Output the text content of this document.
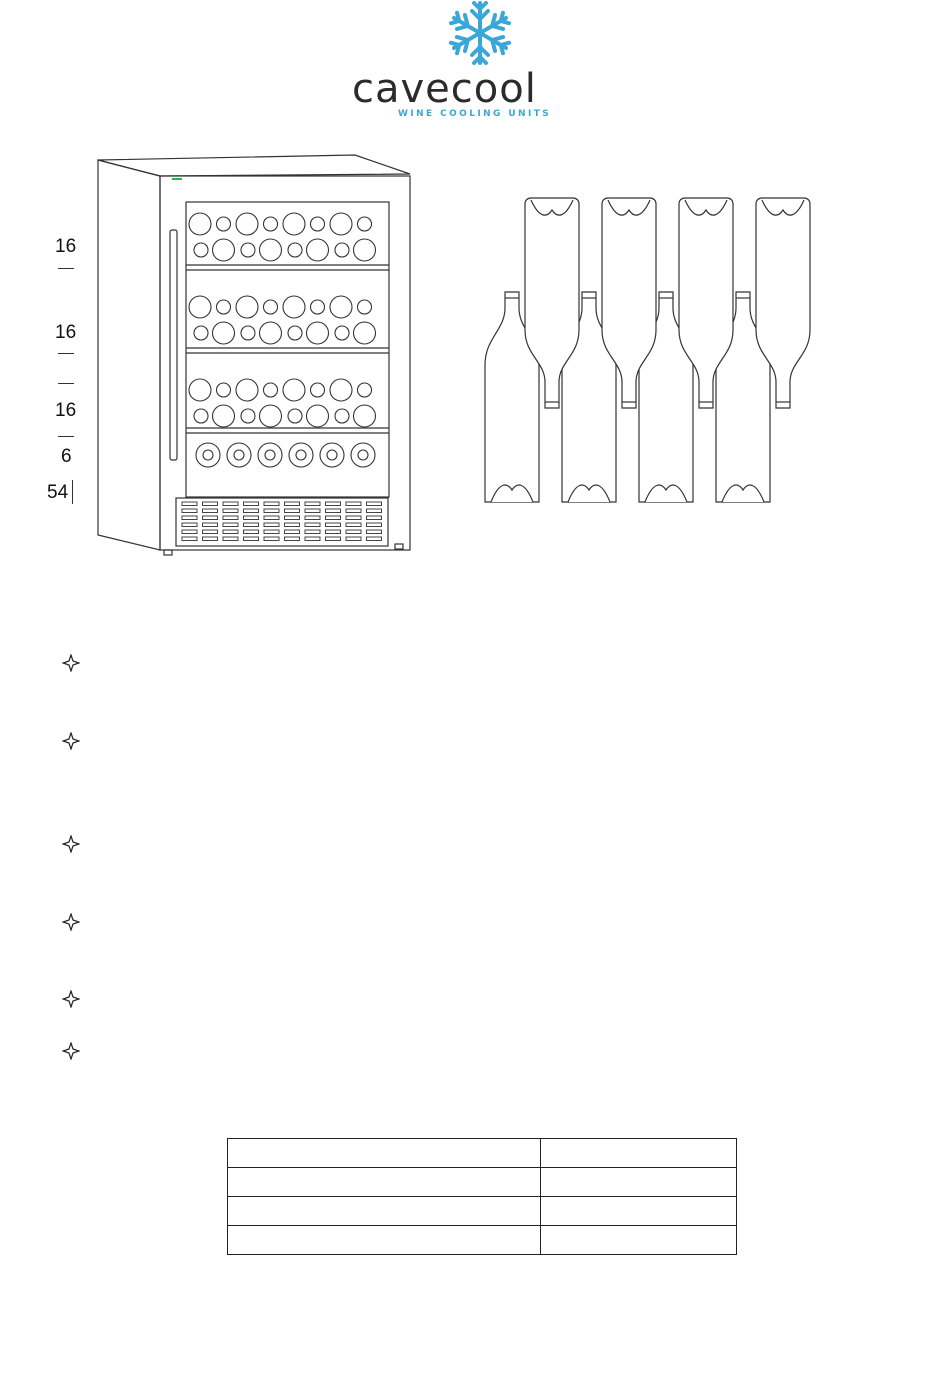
cavecool
WINE COOLING UNITS
16
16
16
6
54
